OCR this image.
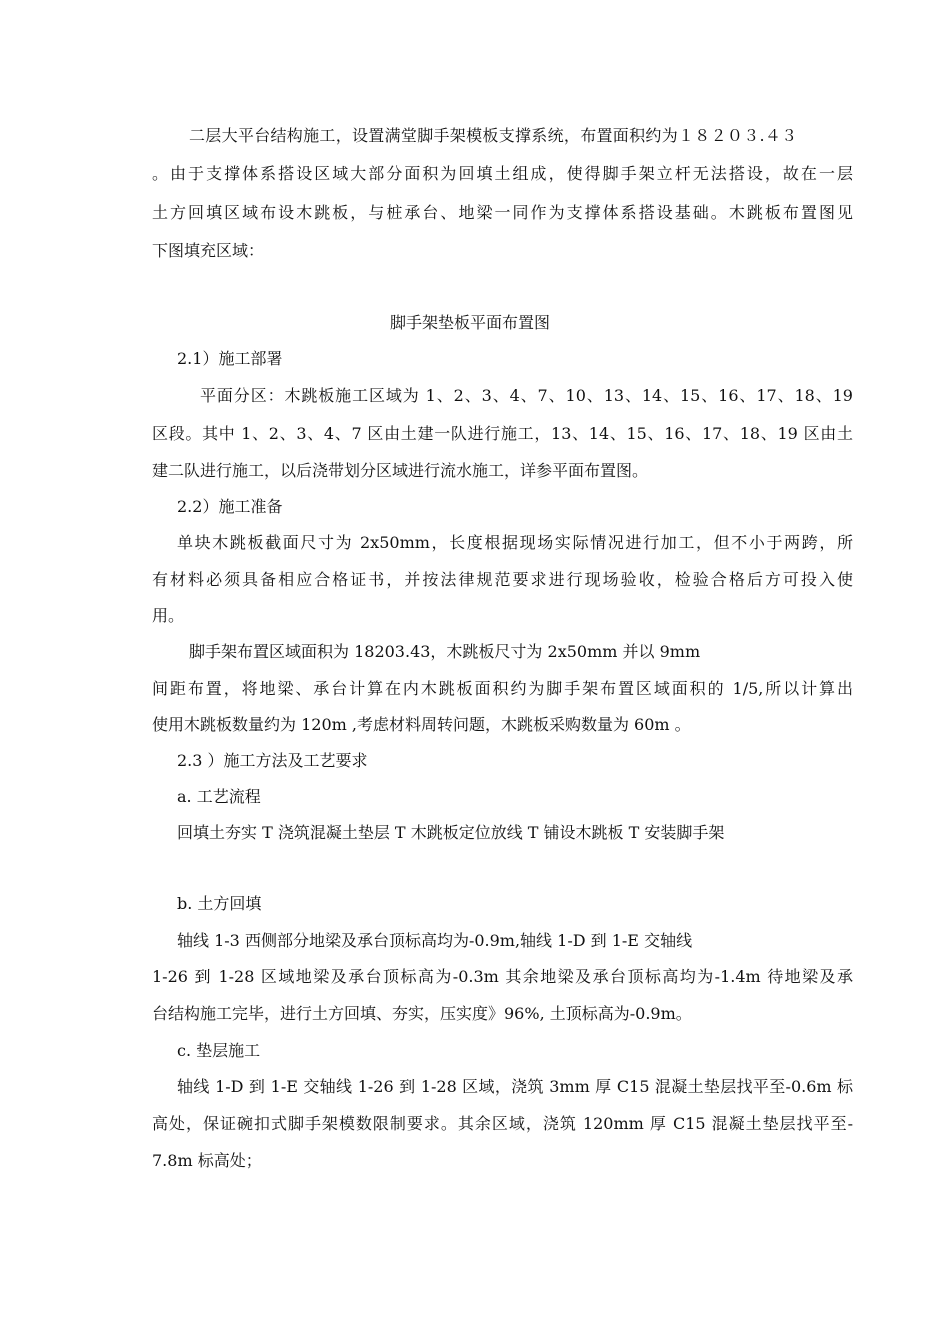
二层大平台结构施工，设置满堂脚手架模板支撑系统，布置面积约为１８２０３.４３
。由于支撑体系搭设区域大部分面积为回填土组成，使得脚手架立杆无法搭设，故在一层
土方回填区域布设木跳板，与桩承台、地梁一同作为支撑体系搭设基础。木跳板布置图见
下图填充区域：
脚手架垫板平面布置图
2.1）施工部署
平面分区：木跳板施工区域为 1、2、3、4、7、10、13、14、15、16、17、18、19
区段。其中 1、2、3、4、7 区由土建一队进行施工，13、14、15、16、17、18、19 区由土
建二队进行施工，以后浇带划分区域进行流水施工，详参平面布置图。
2.2）施工准备
单块木跳板截面尺寸为 2x50mm，长度根据现场实际情况进行加工，但不小于两跨，所
有材料必须具备相应合格证书，并按法律规范要求进行现场验收，检验合格后方可投入使
用。
脚手架布置区域面积为 18203.43，木跳板尺寸为 2x50mm 并以 9mm
间距布置，将地梁、承台计算在内木跳板面积约为脚手架布置区域面积的 1/5,所以计算出
使用木跳板数量约为 120m ,考虑材料周转问题，木跳板采购数量为 60m 。
2.3 ）施工方法及工艺要求
a. 工艺流程
回填土夯实 T 浇筑混凝土垫层 T 木跳板定位放线 T 铺设木跳板 T 安装脚手架
b. 土方回填
轴线 1-3 西侧部分地梁及承台顶标高均为-0.9m,轴线 1-D 到 1-E 交轴线
1-26 到 1-28 区域地梁及承台顶标高为-0.3m 其余地梁及承台顶标高均为-1.4m 待地梁及承
台结构施工完毕，进行土方回填、夯实，压实度》96%, 土顶标高为-0.9m。
c. 垫层施工
轴线 1-D 到 1-E 交轴线 1-26 到 1-28 区域，浇筑 3mm 厚 C15 混凝土垫层找平至-0.6m 标
高处，保证碗扣式脚手架模数限制要求。其余区域，浇筑 120mm 厚 C15 混凝土垫层找平至-
7.8m 标高处；
